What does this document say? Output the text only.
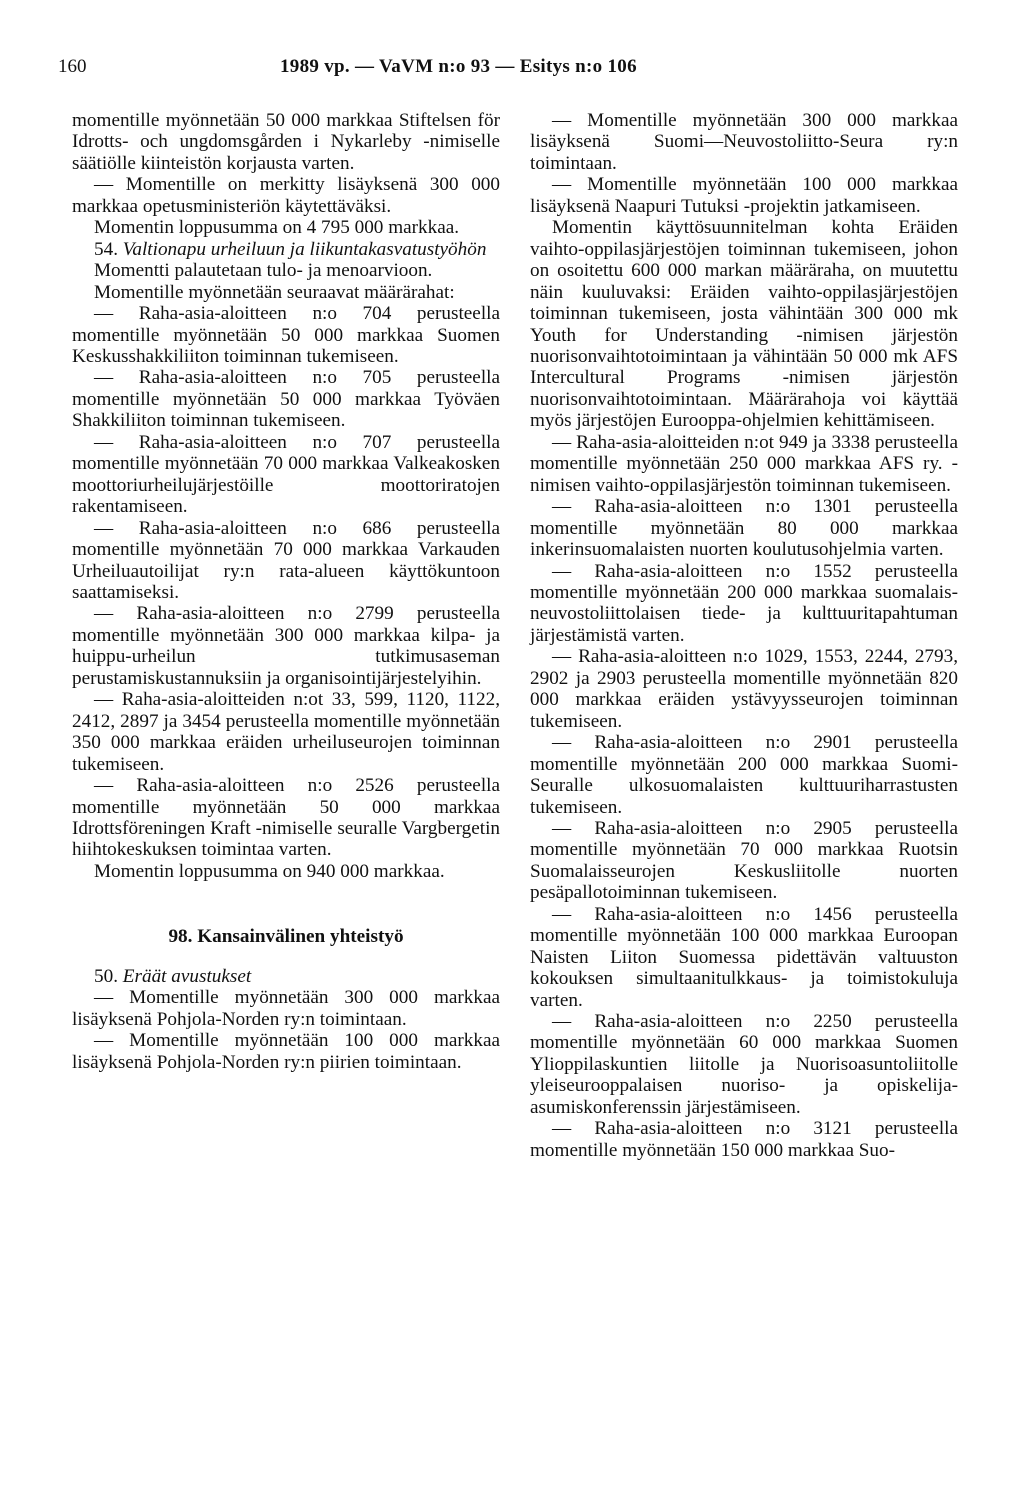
160	1989 vp. — VaVM n:o 93 — Esitys n:o 106

momentille myönnetään 50 000 markkaa Stiftelsen för Idrotts- och ungdomsgården i Nykarleby -nimiselle säätiölle kiinteistön korjausta varten.

— Momentille on merkitty lisäyksenä 300 000 markkaa opetusministeriön käytettäväksi.

Momentin loppusumma on 4 795 000 markkaa.

54. Valtionapu urheiluun ja liikuntakasvatustyöhön

Momentti palautetaan tulo- ja menoarvioon.

Momentille myönnetään seuraavat määrärahat:

— Raha-asia-aloitteen n:o 704 perusteella momentille myönnetään 50 000 markkaa Suomen Keskusshakkiliiton toiminnan tukemiseen.

— Raha-asia-aloitteen n:o 705 perusteella momentille myönnetään 50 000 markkaa Työväen Shakkiliiton toiminnan tukemiseen.

— Raha-asia-aloitteen n:o 707 perusteella momentille myönnetään 70 000 markkaa Valkeakosken moottoriurheilujärjestöille moottoriratojen rakentamiseen.

— Raha-asia-aloitteen n:o 686 perusteella momentille myönnetään 70 000 markkaa Varkauden Urheiluautoilijat ry:n rata-alueen käyttökuntoon saattamiseksi.

— Raha-asia-aloitteen n:o 2799 perusteella momentille myönnetään 300 000 markkaa kilpa- ja huippu-urheilun tutkimusaseman perustamiskustannuksiin ja organisointijärjestelyihin.

— Raha-asia-aloitteiden n:ot 33, 599, 1120, 1122, 2412, 2897 ja 3454 perusteella momentille myönnetään 350 000 markkaa eräiden urheiluseurojen toiminnan tukemiseen.

— Raha-asia-aloitteen n:o 2526 perusteella momentille myönnetään 50 000 markkaa Idrottsföreningen Kraft -nimiselle seuralle Vargbergetin hiihtokeskuksen toimintaa varten.

Momentin loppusumma on 940 000 markkaa.

98. Kansainvälinen yhteistyö

50. Eräät avustukset

— Momentille myönnetään 300 000 markkaa lisäyksenä Pohjola-Norden ry:n toimintaan.

— Momentille myönnetään 100 000 markkaa lisäyksenä Pohjola-Norden ry:n piirien toimintaan.

— Momentille myönnetään 300 000 markkaa lisäyksenä Suomi—Neuvostoliitto-Seura ry:n toimintaan.

— Momentille myönnetään 100 000 markkaa lisäyksenä Naapuri Tutuksi -projektin jatkamiseen.

Momentin käyttösuunnitelman kohta Eräiden vaihto-oppilasjärjestöjen toiminnan tukemiseen, johon on osoitettu 600 000 markan määräraha, on muutettu näin kuuluvaksi: Eräiden vaihto-oppilasjärjestöjen toiminnan tukemiseen, josta vähintään 300 000 mk Youth for Understanding -nimisen järjestön nuorisonvaihtotoimintaan ja vähintään 50 000 mk AFS Intercultural Programs -nimisen järjestön nuorisonvaihtotoimintaan. Määrärahoja voi käyttää myös järjestöjen Eurooppa-ohjelmien kehittämiseen.

— Raha-asia-aloitteiden n:ot 949 ja 3338 perusteella momentille myönnetään 250 000 markkaa AFS ry. -nimisen vaihto-oppilasjärjestön toiminnan tukemiseen.

— Raha-asia-aloitteen n:o 1301 perusteella momentille myönnetään 80 000 markkaa inkerinsuomalaisten nuorten koulutusohjelmia varten.

— Raha-asia-aloitteen n:o 1552 perusteella momentille myönnetään 200 000 markkaa suomalais-neuvostoliittolaisen tiede- ja kulttuuritapahtuman järjestämistä varten.

— Raha-asia-aloitteen n:o 1029, 1553, 2244, 2793, 2902 ja 2903 perusteella momentille myönnetään 820 000 markkaa eräiden ystävyysseurojen toiminnan tukemiseen.

— Raha-asia-aloitteen n:o 2901 perusteella momentille myönnetään 200 000 markkaa Suomi-Seuralle ulkosuomalaisten kulttuuriharrastusten tukemiseen.

— Raha-asia-aloitteen n:o 2905 perusteella momentille myönnetään 70 000 markkaa Ruotsin Suomalaisseurojen Keskusliitolle nuorten pesäpallotoiminnan tukemiseen.

— Raha-asia-aloitteen n:o 1456 perusteella momentille myönnetään 100 000 markkaa Euroopan Naisten Liiton Suomessa pidettävän valtuuston kokouksen simultaanitulkkaus- ja toimistokuluja varten.

— Raha-asia-aloitteen n:o 2250 perusteella momentille myönnetään 60 000 markkaa Suomen Ylioppilaskuntien liitolle ja Nuorisoasuntoliitolle yleiseurooppalaisen nuoriso- ja opiskelija-asumiskonferenssin järjestämiseen.

— Raha-asia-aloitteen n:o 3121 perusteella momentille myönnetään 150 000 markkaa Suo-
